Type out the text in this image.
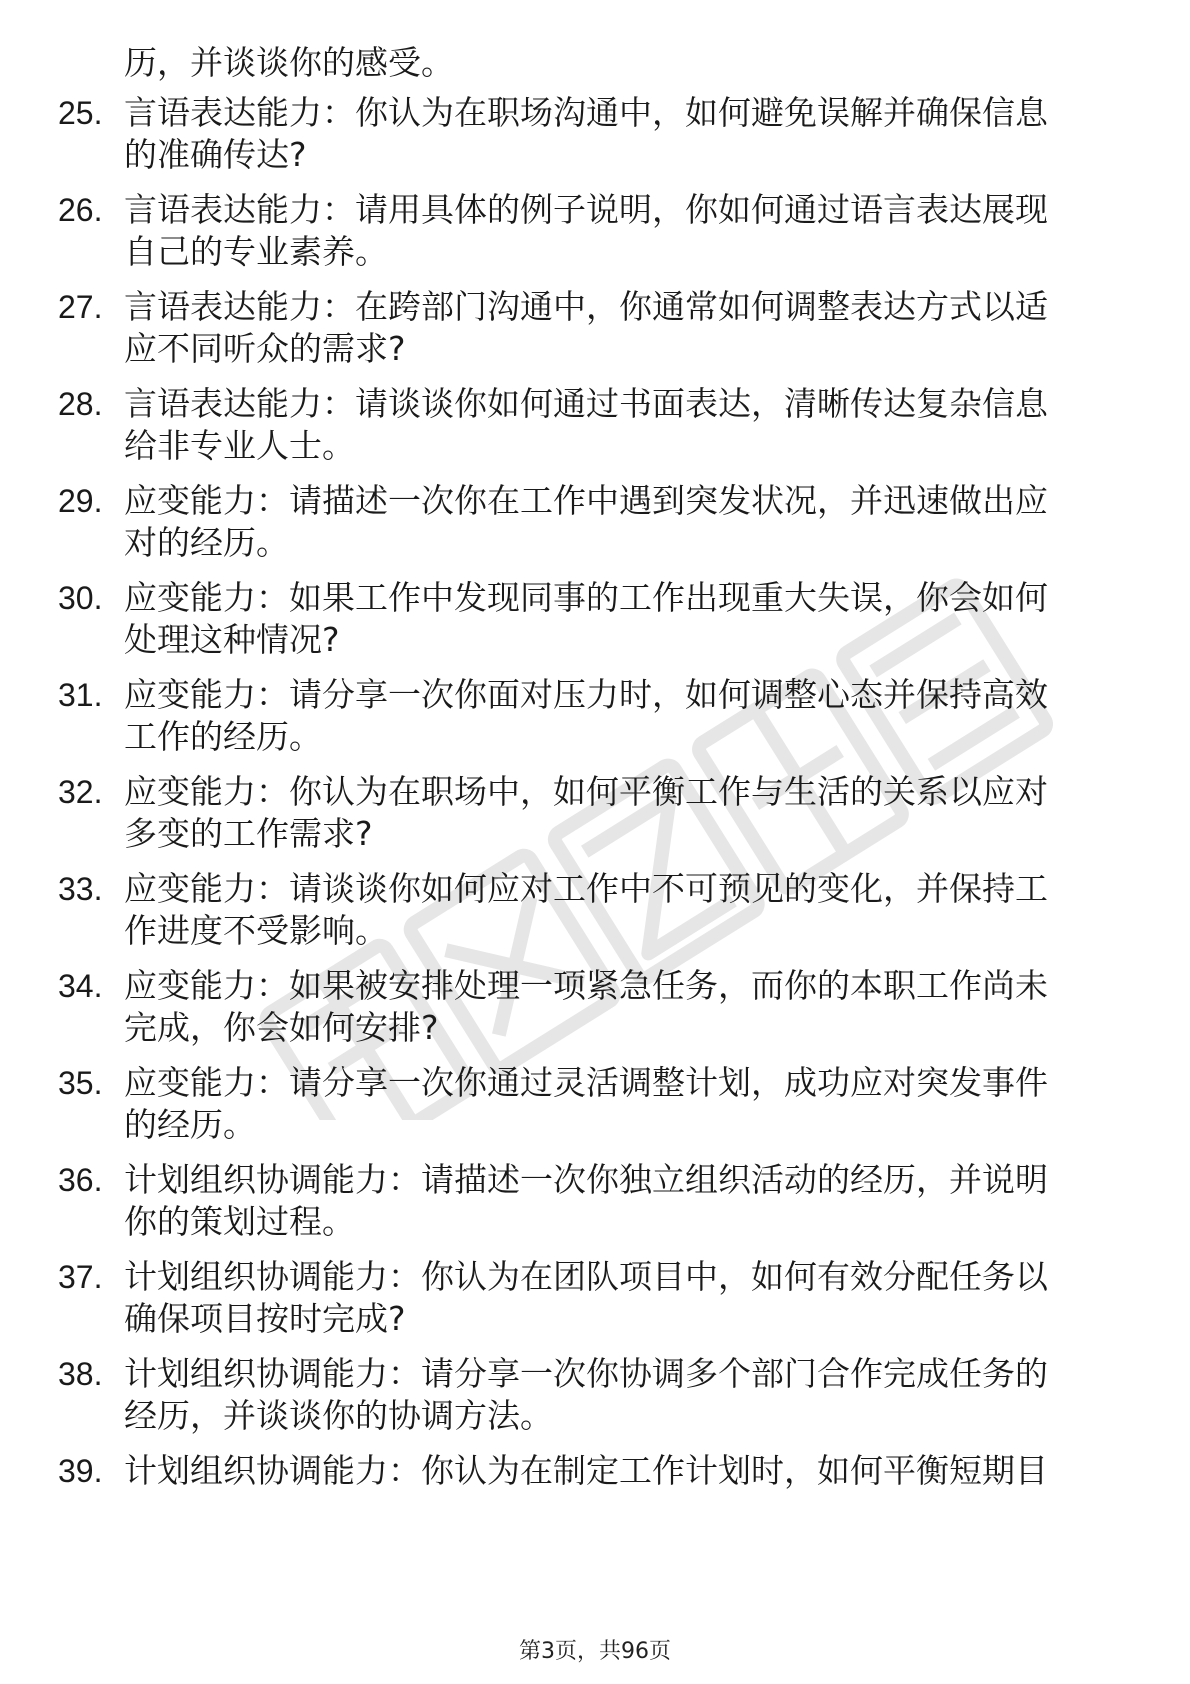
历，并谈谈你的感受。
25. 言语表达能力：你认为在职场沟通中，如何避免误解并确保信息
的准确传达?
26. 言语表达能力：请用具体的例子说明，你如何通过语言表达展现
自己的专业素养。
27. 言语表达能力：在跨部门沟通中，你通常如何调整表达方式以适
应不同听众的需求?
28. 言语表达能力：请谈谈你如何通过书面表达，清晰传达复杂信息
给非专业人士。
29. 应变能力：请描述一次你在工作中遇到突发状况，并迅速做出应
对的经历。
30. 应变能力：如果工作中发现同事的工作出现重大失误，你会如何
处理这种情况?
31. 应变能力：请分享一次你面对压力时，如何调整心态并保持高效
工作的经历。
32. 应变能力：你认为在职场中，如何平衡工作与生活的关系以应对
多变的工作需求?
33. 应变能力：请谈谈你如何应对工作中不可预见的变化，并保持工
作进度不受影响。
34. 应变能力：如果被安排处理一项紧急任务，而你的本职工作尚未
完成，你会如何安排?
35. 应变能力：请分享一次你通过灵活调整计划，成功应对突发事件
的经历。
36. 计划组织协调能力：请描述一次你独立组织活动的经历，并说明
你的策划过程。
37. 计划组织协调能力：你认为在团队项目中，如何有效分配任务以
确保项目按时完成?
38. 计划组织协调能力：请分享一次你协调多个部门合作完成任务的
经历，并谈谈你的协调方法。
39. 计划组织协调能力：你认为在制定工作计划时，如何平衡短期目
第3页，共96页
